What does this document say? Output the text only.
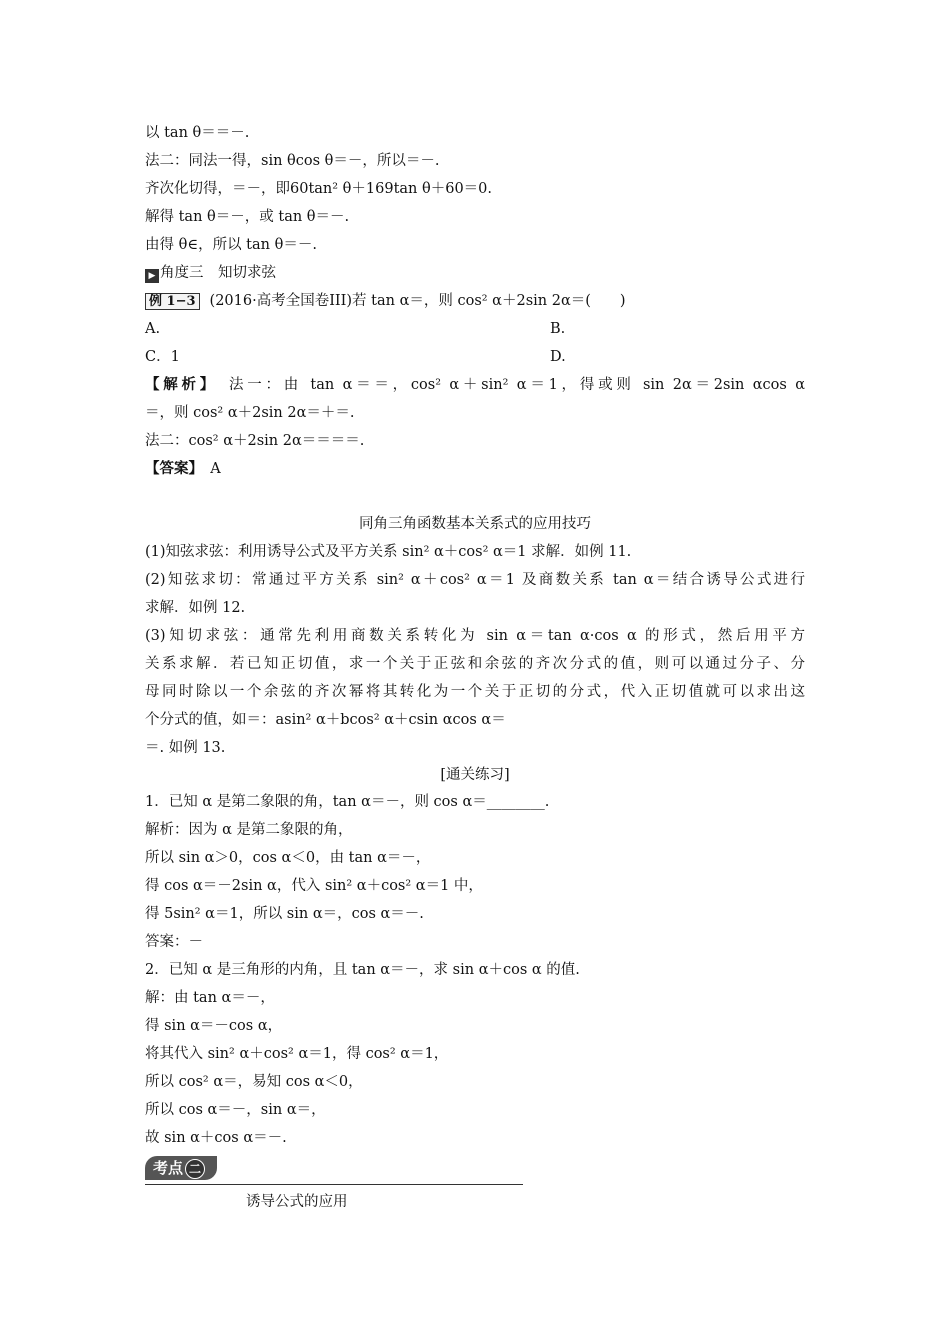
以 tan θ＝＝－.
法二：同法一得，sin θcos θ＝－，所以＝－.
齐次化切得，＝－，即60tan² θ＋169tan θ＋60＝0.
解得 tan θ＝－，或 tan θ＝－.
由得 θ∈，所以 tan θ＝－.
▶ 角度三　知切求弦
例 1−3 (2016·高考全国卷III)若 tan α＝，则 cos² α＋2sin 2α＝(　　)
A.	B.
C．1	D.
【解析】　法一：由 tan α＝＝，cos² α＋sin² α＝1，得或则 sin 2α＝2sin αcos α
＝，则 cos² α＋2sin 2α＝＋＝.
法二：cos² α＋2sin 2α＝＝＝＝.
【答案】　A
同角三角函数基本关系式的应用技巧
(1)知弦求弦：利用诱导公式及平方关系 sin² α＋cos² α＝1 求解．如例 11.
(2)知弦求切：常通过平方关系 sin² α＋cos² α＝1 及商数关系 tan α＝结合诱导公式进行
求解．如例 12.
(3)知切求弦：通常先利用商数关系转化为 sin α＝tan α·cos α 的形式，然后用平方
关系求解．若已知正切值，求一个关于正弦和余弦的齐次分式的值，则可以通过分子、分
母同时除以一个余弦的齐次幂将其转化为一个关于正切的分式，代入正切值就可以求出这
个分式的值，如＝：asin² α＋bcos² α＋csin αcos α＝
＝. 如例 13.
[通关练习]
1．已知 α 是第二象限的角，tan α＝－，则 cos α＝________.
解析：因为 α 是第二象限的角，
所以 sin α＞0，cos α＜0，由 tan α＝－，
得 cos α＝－2sin α，代入 sin² α＋cos² α＝1 中，
得 5sin² α＝1，所以 sin α＝，cos α＝－.
答案：－
2．已知 α 是三角形的内角，且 tan α＝－，求 sin α＋cos α 的值.
解：由 tan α＝－，
得 sin α＝－cos α，
将其代入 sin² α＋cos² α＝1，得 cos² α＝1，
所以 cos² α＝，易知 cos α＜0，
所以 cos α＝－，sin α＝，
故 sin α＋cos α＝－.
考点 二
诱导公式的应用
